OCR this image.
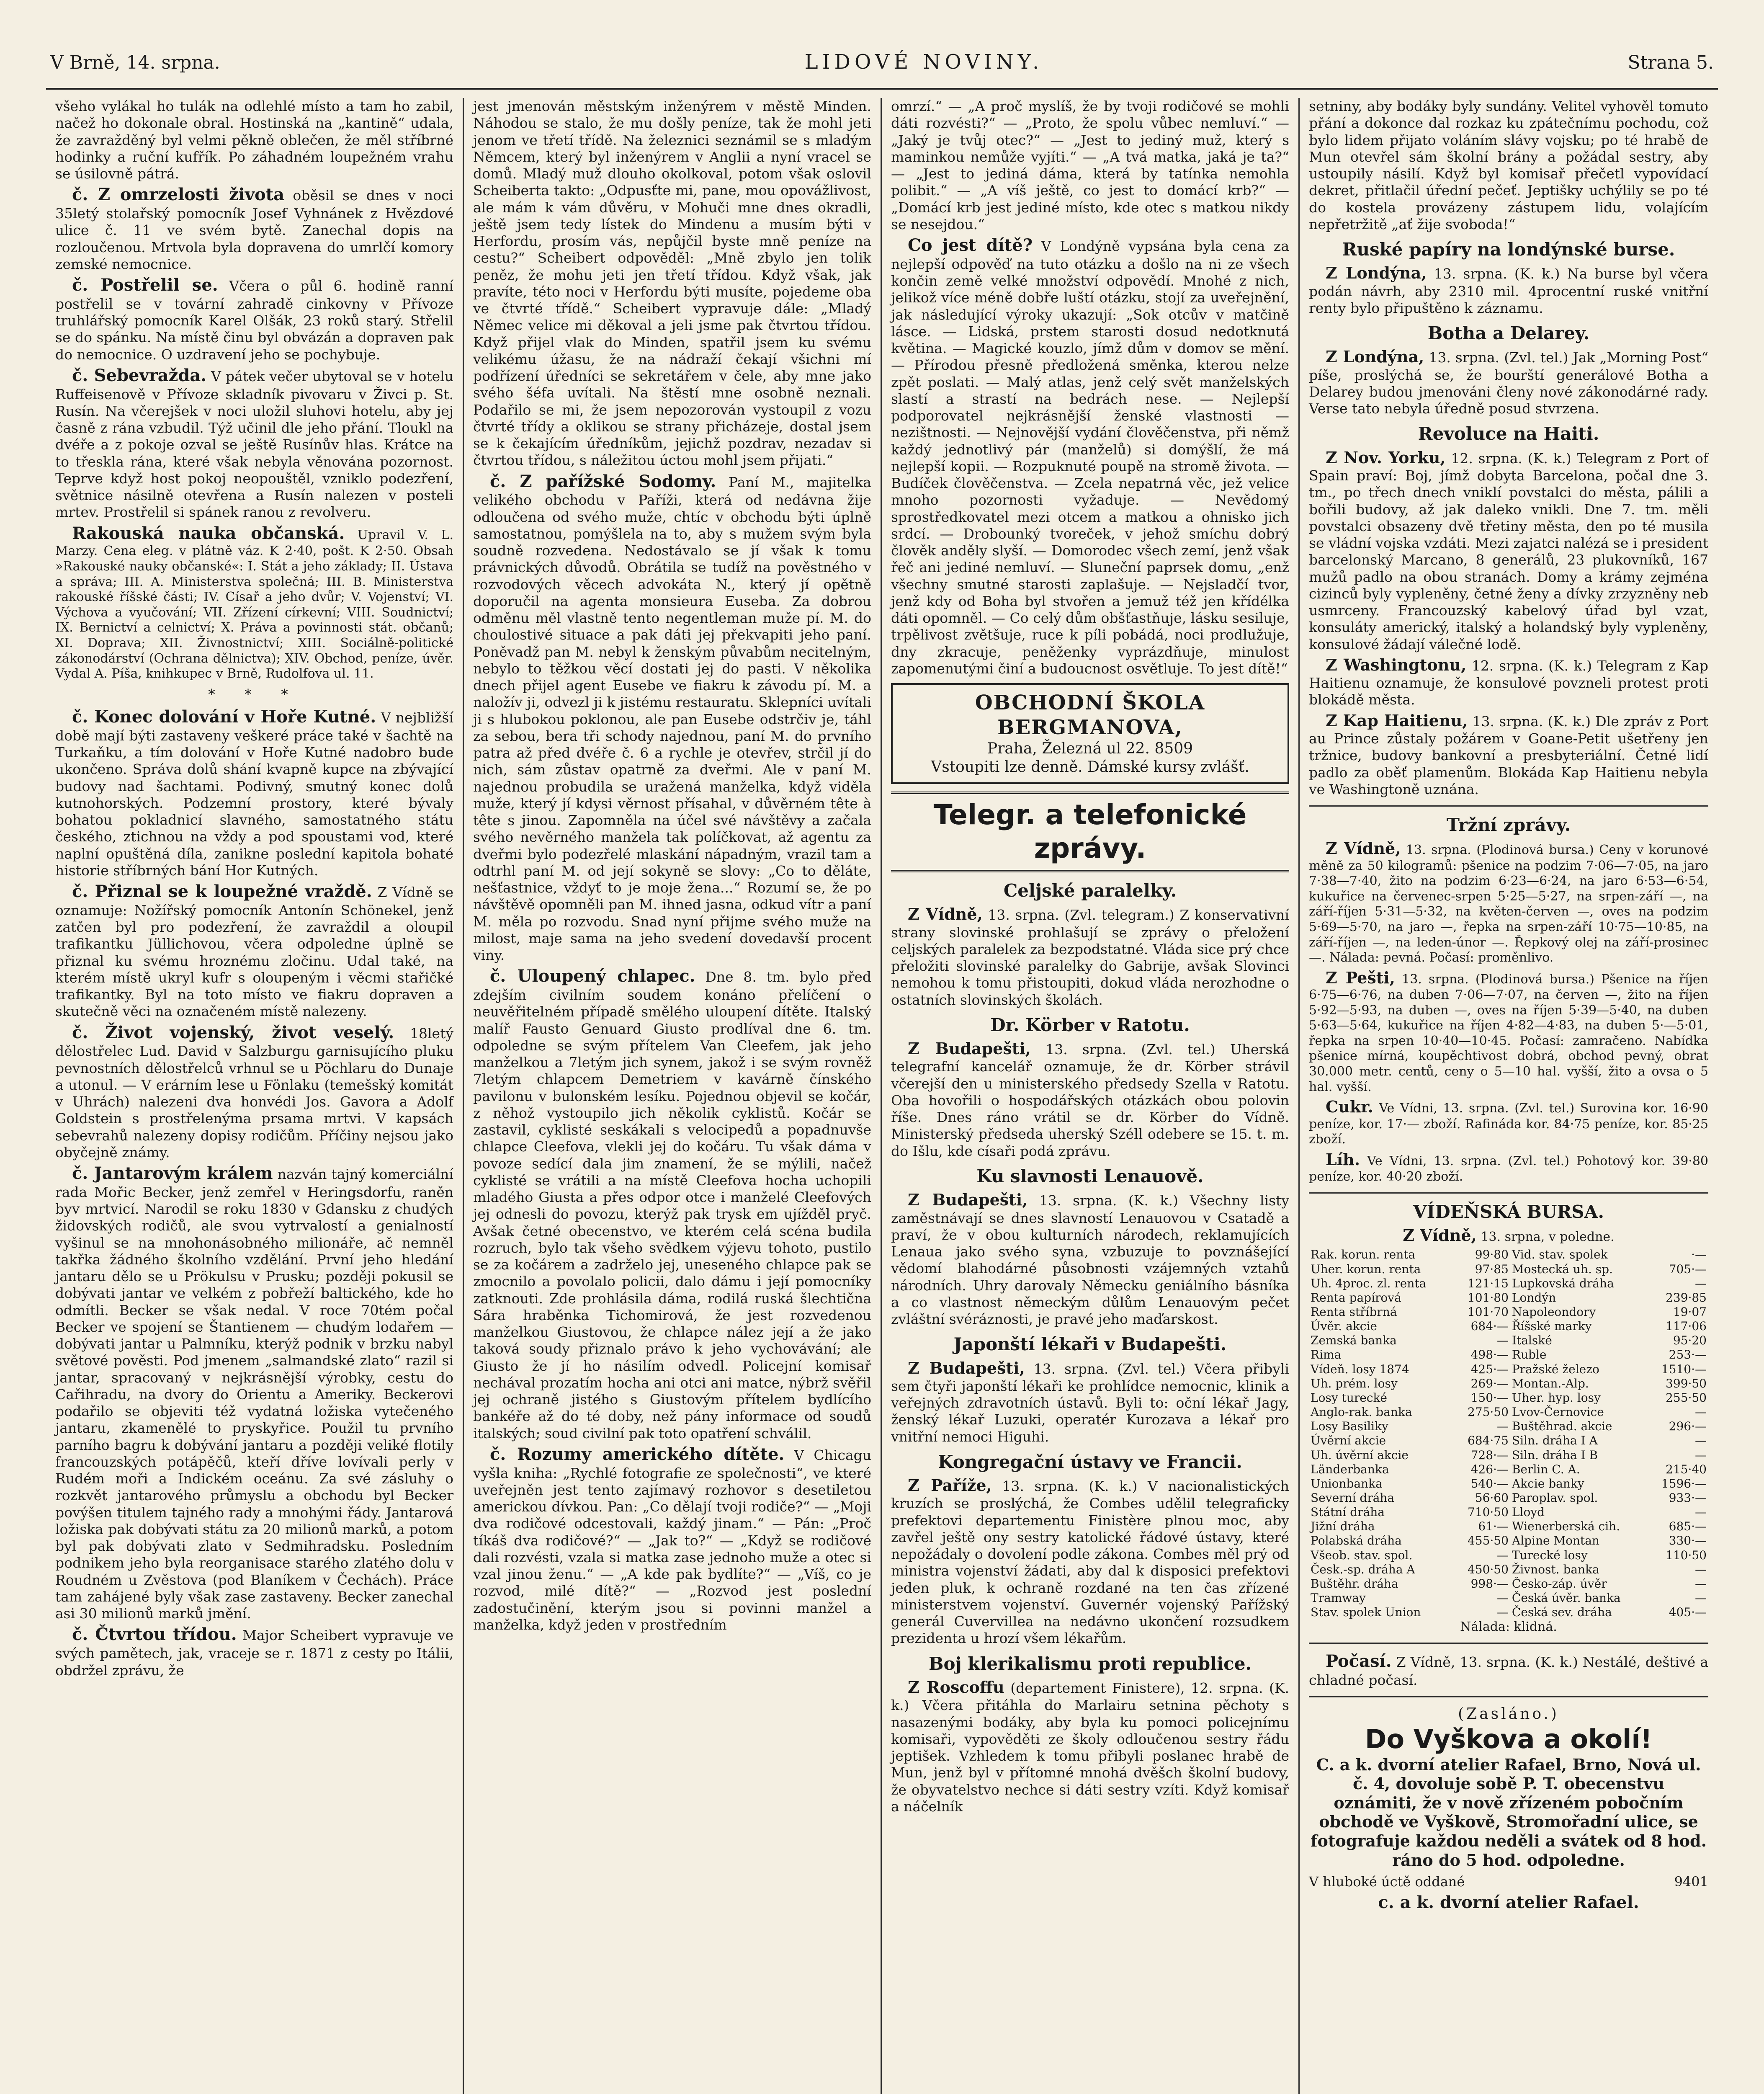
V Brně, 14. srpna.	LIDOVÉ NOVINY.	Strana 5.

všeho vylákal ho tulák na odlehlé místo a tam ho zabil, načež ho dokonale obral. Hostinská na „kantině“ udala, že zavražděný byl velmi pěkně oblečen, že měl stříbrné hodinky a ruční kufřík. Po záhadném loupežném vrahu se úsilovně pátrá.

č. Z omrzelosti života oběsil se dnes v noci 35letý stolařský pomocník Josef Vyhnánek z Hvězdové ulice č. 11 ve svém bytě. Zanechal dopis na rozloučenou. Mrtvola byla dopravena do umrlčí komory zemské nemocnice.

č. Postřelil se. Včera o půl 6. hodině ranní postřelil se v tovární zahradě cinkovny v Přívoze truhlářský pomocník Karel Olšák, 23 roků starý. Střelil se do spánku. Na místě činu byl obvázán a dopraven pak do nemocnice. O uzdravení jeho se pochybuje.

č. Sebevražda. V pátek večer ubytoval se v hotelu Ruffeisenově v Přívoze skladník pivovaru v Živci p. St. Rusín. Na včerejšek v noci uložil sluhovi hotelu, aby jej časně z rána vzbudil. Týž učinil dle jeho přání. Tloukl na dvéře a z pokoje ozval se ještě Rusínův hlas. Krátce na to třeskla rána, které však nebyla věnována pozornost. Teprve když host pokoj neopouštěl, vzniklo podezření, světnice násilně otevřena a Rusín nalezen v posteli mrtev. Prostřelil si spánek ranou z revolveru.

Rakouská nauka občanská. Upravil V. L. Marzy. Cena eleg. v plátně váz. K 2·40, pošt. K 2·50. Obsah »Rakouské nauky občanské«: I. Stát a jeho základy; II. Ústava a správa; III. A. Ministerstva společná; III. B. Ministerstva rakouské říšské části; IV. Císař a jeho dvůr; V. Vojenství; VI. Výchova a vyučování; VII. Zřízení církevní; VIII. Soudnictví; IX. Bernictví a celnictví; X. Práva a povinnosti stát. občanů; XI. Doprava; XII. Živnostnictví; XIII. Sociálně-politické zákonodárství (Ochrana dělnictva); XIV. Obchod, peníze, úvěr. Vydal A. Píša, knihkupec v Brně, Rudolfova ul. 11.

* * *

č. Konec dolování v Hoře Kutné. V nejbližší době mají býti zastaveny veškeré práce také v šachtě na Turkaňku, a tím dolování v Hoře Kutné nadobro bude ukončeno. Správa dolů shání kvapně kupce na zbývající budovy nad šachtami. Podivný, smutný konec dolů kutnohorských. Podzemní prostory, které bývaly bohatou pokladnicí slavného, samostatného státu českého, ztichnou na vždy a pod spoustami vod, které naplní opuštěná díla, zanikne poslední kapitola bohaté historie stříbrných bání Hor Kutných.

č. Přiznal se k loupežné vraždě. Z Vídně se oznamuje: Nožířský pomocník Antonín Schönekel, jenž zatčen byl pro podezření, že zavraždil a oloupil trafikantku Jüllichovou, včera odpoledne úplně se přiznal ku svému hroznému zločinu. Udal také, na kterém místě ukryl kufr s oloupeným i věcmi stařičké trafikantky. Byl na toto místo ve fiakru dopraven a skutečně věci na označeném místě nalezeny.

č. Život vojenský, život veselý. 18letý dělostřelec Lud. David v Salzburgu garnisujícího pluku pevnostních dělostřelců vrhnul se u Pöchlaru do Dunaje a utonul. — V erárním lese u Fönlaku (temešský komitát v Uhrách) nalezeni dva honvédi Jos. Gavora a Adolf Goldstein s prostřelenýma prsama mrtvi. V kapsách sebevrahů nalezeny dopisy rodičům. Příčiny nejsou jako obyčejně známy.

č. Jantarovým králem nazván tajný komerciální rada Mořic Becker, jenž zemřel v Heringsdorfu, raněn byv mrtvicí. Narodil se roku 1830 v Gdansku z chudých židovských rodičů, ale svou vytrvalostí a genialností vyšinul se na mnohonásobného milionáře, ač nemněl takřka žádného školního vzdělání. První jeho hledání jantaru dělo se u Prökulsu v Prusku; později pokusil se dobývati jantar ve velkém z pobřeží baltického, kde ho odmítli. Becker se však nedal. V roce 70tém počal Becker ve spojení se Štantienem — chudým lodařem — dobývati jantar u Palmníku, kterýž podnik v brzku nabyl světové pověsti. Pod jmenem „salmandské zlato“ razil si jantar, spracovaný v nejkrásnější výrobky, cestu do Cařihradu, na dvory do Orientu a Ameriky. Beckerovi podařilo se objeviti též vydatná ložiska vytečeného jantaru, zkamenělé to pryskyřice. Použil tu prvního parního bagru k dobývání jantaru a později veliké flotily francouzských potápěčů, kteří dříve lovívali perly v Rudém moři a Indickém oceánu. Za své zásluhy o rozkvět jantarového průmyslu a obchodu byl Becker povýšen titulem tajného rady a mnohými řády. Jantarová ložiska pak dobývati státu za 20 milionů marků, a potom byl pak dobývati zlato v Sedmihradsku. Posledním podnikem jeho byla reorganisace starého zlatého dolu v Roudném u Zvěstova (pod Blaníkem v Čechách). Práce tam zahájené byly však zase zastaveny. Becker zanechal asi 30 milionů marků jmění.

č. Čtvrtou třídou. Major Scheibert vypravuje ve svých pamětech, jak, vraceje se r. 1871 z cesty po Itálii, obdržel zprávu, že

jest jmenován městským inženýrem v městě Minden. Náhodou se stalo, že mu došly peníze, tak že mohl jeti jenom ve třetí třídě. Na železnici seznámil se s mladým Němcem, který byl inženýrem v Anglii a nyní vracel se domů. Mladý muž dlouho okolkoval, potom však oslovil Scheiberta takto: „Odpusťte mi, pane, mou opovážlivost, ale mám k vám důvěru, v Mohuči mne dnes okradli, ještě jsem tedy lístek do Mindenu a musím býti v Herfordu, prosím vás, nepůjčil byste mně peníze na cestu?“ Scheibert odpověděl: „Mně zbylo jen tolik peněz, že mohu jeti jen třetí třídou. Když však, jak pravíte, této noci v Herfordu býti musíte, pojedeme oba ve čtvrté třídě.“ Scheibert vypravuje dále: „Mladý Němec velice mi děkoval a jeli jsme pak čtvrtou třídou. Když přijel vlak do Minden, spatřil jsem ku svému velikému úžasu, že na nádraží čekají všichni mí podřízení úředníci se sekretářem v čele, aby mne jako svého šéfa uvítali. Na štěstí mne osobně neznali. Podařilo se mi, že jsem nepozorován vystoupil z vozu čtvrté třídy a oklikou se strany přicházeje, dostal jsem se k čekajícím úředníkům, jejichž pozdrav, nezadav si čtvrtou třídou, s náležitou úctou mohl jsem přijati.“

č. Z pařížské Sodomy. Paní M., majitelka velikého obchodu v Paříži, která od nedávna žije odloučena od svého muže, chtíc v obchodu býti úplně samostatnou, pomýšlela na to, aby s mužem svým byla soudně rozvedena. Nedostávalo se jí však k tomu právnických důvodů. Obrátila se tudíž na pověstného v rozvodových věcech advokáta N., který jí opětně doporučil na agenta monsieura Euseba. Za dobrou odměnu měl vlastně tento negentleman muže pí. M. do choulostivé situace a pak dáti jej překvapiti jeho paní. Poněvadž pan M. nebyl k ženským půvabům necitelným, nebylo to těžkou věcí dostati jej do pasti. V několika dnech přijel agent Eusebe ve fiakru k závodu pí. M. a naložív ji, odvezl ji k jistému restauratu. Sklepníci uvítali ji s hlubokou poklonou, ale pan Eusebe odstrčiv je, táhl za sebou, bera tři schody najednou, paní M. do prvního patra až před dvéře č. 6 a rychle je otevřev, strčil jí do nich, sám zůstav opatrně za dveřmi. Ale v paní M. najednou probudila se uražená manželka, když viděla muže, který jí kdysi věrnost přísahal, v důvěrném tête à tête s jinou. Zapomněla na účel své návštěvy a začala svého nevěrného manžela tak políčkovat, až agentu za dveřmi bylo podezřelé mlaskání nápadným, vrazil tam a odtrhl paní M. od její sokyně se slovy: „Co to děláte, nešťastnice, vždyť to je moje žena...“ Rozumí se, že po návštěvě opomněli pan M. ihned jasna, odkud vítr a paní M. měla po rozvodu. Snad nyní přijme svého muže na milost, maje sama na jeho svedení dovedavší procent viny.

č. Uloupený chlapec. Dne 8. tm. bylo před zdejším civilním soudem konáno přelíčení o neuvěřitelném případě smělého uloupení dítěte. Italský malíř Fausto Genuard Giusto prodlíval dne 6. tm. odpoledne se svým přítelem Van Cleefem, jak jeho manželkou a 7letým jich synem, jakož i se svým rovněž 7letým chlapcem Demetriem v kavárně čínského pavilonu v bulonském lesíku. Pojednou objevil se kočár, z něhož vystoupilo jich několik cyklistů. Kočár se zastavil, cyklisté seskákali s velocipedů a popadnuvše chlapce Cleefova, vlekli jej do kočáru. Tu však dáma v povoze sedící dala jim znamení, že se mýlili, načež cyklisté se vrátili a na místě Cleefova hocha uchopili mladého Giusta a přes odpor otce i manželé Cleefových jej odnesli do povozu, kterýž pak trysk em ujížděl pryč. Avšak četné obecenstvo, ve kterém celá scéna budila rozruch, bylo tak všeho svědkem výjevu tohoto, pustilo se za kočárem a zadrželo jej, uneseného chlapce pak se zmocnilo a povolalo policii, dalo dámu i její pomocníky zatknouti. Zde prohlásila dáma, rodilá ruská šlechtična Sára hraběnka Tichomirová, že jest rozvedenou manželkou Giustovou, že chlapce nález její a že jako taková soudy přiznalo právo k jeho vychovávání; ale Giusto že jí ho násilím odvedl. Policejní komisař nechával prozatím hocha ani otci ani matce, nýbrž svěřil jej ochraně jistého s Giustovým přítelem bydlícího bankéře až do té doby, než pány informace od soudů italských; soud civilní pak toto opatření schválil.

č. Rozumy amerického dítěte. V Chicagu vyšla kniha: „Rychlé fotografie ze společnosti“, ve které uveřejněn jest tento zajímavý rozhovor s desetiletou americkou dívkou. Pan: „Co dělají tvoji rodiče?“ — „Moji dva rodičové odcestovali, každý jinam.“ — Pán: „Proč tíkáš dva rodičové?“ — „Jak to?“ — „Když se rodičové dali rozvésti, vzala si matka zase jednoho muže a otec si vzal jinou ženu.“ — „A kde pak bydlíte?“ — „Víš, co je rozvod, milé dítě?“ — „Rozvod jest poslední zadostučinění, kterým jsou si povinni manžel a manželka, když jeden v prostředním

omrzí.“ — „A proč myslíš, že by tvoji rodičové se mohli dáti rozvésti?“ — „Proto, že spolu vůbec nemluví.“ — „Jaký je tvůj otec?“ — „Jest to jediný muž, který s maminkou nemůže vyjíti.“ — „A tvá matka, jaká je ta?“ — „Jest to jediná dáma, která by tatínka nemohla polibit.“ — „A víš ještě, co jest to domácí krb?“ — „Domácí krb jest jediné místo, kde otec s matkou nikdy se nesejdou.“

Co jest dítě? V Londýně vypsána byla cena za nejlepší odpověď na tuto otázku a došlo na ni ze všech končin země velké množství odpovědí. Mnohé z nich, jelikož více méně dobře luští otázku, stojí za uveřejnění, jak následující výroky ukazují: „Sok otcův v matčině lásce. — Lidská, prstem starosti dosud nedotknutá květina. — Magické kouzlo, jímž dům v domov se mění. — Přírodou přesně předložená směnka, kterou nelze zpět poslati. — Malý atlas, jenž celý svět manželských slastí a strastí na bedrách nese. — Nejlepší podporovatel nejkrásnější ženské vlastnosti — nezištnosti. — Nejnovější vydání člověčenstva, při němž každý jednotlivý pár (manželů) si domýšlí, že má nejlepší kopii. — Rozpuknuté poupě na stromě života. — Budíček člověčenstva. — Zcela nepatrná věc, jež velice mnoho pozornosti vyžaduje. — Nevědomý sprostředkovatel mezi otcem a matkou a ohnisko jich srdcí. — Drobounký tvoreček, v jehož smíchu dobrý člověk anděly slyší. — Domorodec všech zemí, jenž však řeč ani jediné nemluví. — Sluneční paprsek domu, „enž všechny smutné starosti zaplašuje. — Nejsladčí tvor, jenž kdy od Boha byl stvořen a jemuž též jen křídélka dáti opomněl. — Co celý dům obšťastňuje, lásku sesiluje, trpělivost zvětšuje, ruce k píli pobádá, noci prodlužuje, dny zkracuje, peněženky vyprázdňuje, minulost zapomenutými činí a budoucnost osvětluje. To jest dítě!“

OBCHODNÍ ŠKOLA BERGMANOVA,
Praha, Železná ul 22. 8509
Vstoupiti lze denně. Dámské kursy zvlášť.
Telegr. a telefonické zprávy.
Celjské paralelky.

Z Vídně, 13. srpna. (Zvl. telegram.) Z konservativní strany slovinské prohlašují se zprávy o přeložení celjských paralelek za bezpodstatné. Vláda sice prý chce přeložiti slovinské paralelky do Gabrije, avšak Slovinci nemohou k tomu přistoupiti, dokud vláda nerozhodne o ostatních slovinských školách.

Dr. Körber v Ratotu.

Z Budapešti, 13. srpna. (Zvl. tel.) Uherská telegrafní kancelář oznamuje, že dr. Körber strávil včerejší den u ministerského předsedy Szella v Ratotu. Oba hovořili o hospodářských otázkách obou polovin říše. Dnes ráno vrátil se dr. Körber do Vídně. Ministerský předseda uherský Széll odebere se 15. t. m. do Išlu, kde císaři podá zprávu.

Ku slavnosti Lenauově.

Z Budapešti, 13. srpna. (K. k.) Všechny listy zaměstnávají se dnes slavností Lenauovou v Csatadě a praví, že v obou kulturních národech, reklamujících Lenaua jako svého syna, vzbuzuje to povznášející vědomí blahodárné působnosti vzájemných vztahů národních. Uhry darovaly Německu geniálního básníka a co vlastnost německým důlům Lenauovým pečet zvláštní svéráznosti, je pravé jeho maďarskost.

Japonští lékaři v Budapešti.

Z Budapešti, 13. srpna. (Zvl. tel.) Včera přibyli sem čtyři japonští lékaři ke prohlídce nemocnic, klinik a veřejných zdravotních ústavů. Byli to: oční lékař Jagy, ženský lékař Luzuki, operatér Kurozava a lékař pro vnitřní nemoci Higuhi.

Kongregační ústavy ve Francii.

Z Paříže, 13. srpna. (K. k.) V nacionalistických kruzích se proslýchá, že Combes udělil telegraficky prefektovi departementu Finistère plnou moc, aby zavřel ještě ony sestry katolické řádové ústavy, které nepožádaly o dovolení podle zákona. Combes měl prý od ministra vojenství žádati, aby dal k disposici prefektovi jeden pluk, k ochraně rozdané na ten čas zřízené ministerstvem vojenství. Guvernér vojenský Pařížský generál Cuvervillea na nedávno ukončení rozsudkem prezidenta u hrozí všem lékařům.

Boj klerikalismu proti republice.

Z Roscoffu (departement Finistere), 12. srpna. (K. k.) Včera přitáhla do Marlairu setnina pěchoty s nasazenými bodáky, aby byla ku pomoci policejnímu komisaři, vypověděti ze školy odloučenou sestry řádu jeptišek. Vzhledem k tomu přibyli poslanec hrabě de Mun, jenž byl v přítomné mnohá dvěšch školní budovy, že obyvatelstvo nechce si dáti sestry vzíti. Když komisař a náčelník

setniny, aby bodáky byly sundány. Velitel vyhověl tomuto přání a dokonce dal rozkaz ku zpátečnímu pochodu, což bylo lidem přijato voláním slávy vojsku; po té hrabě de Mun otevřel sám školní brány a požádal sestry, aby ustoupily násilí. Když byl komisař přečetl vypovídací dekret, přitlačil úřední pečeť. Jeptišky uchýlily se po té do kostela provázeny zástupem lidu, volajícím nepřetržitě „ať žije svoboda!“

Ruské papíry na londýnské burse.

Z Londýna, 13. srpna. (K. k.) Na burse byl včera podán návrh, aby 2310 mil. 4procentní ruské vnitřní renty bylo připuštěno k záznamu.

Botha a Delarey.

Z Londýna, 13. srpna. (Zvl. tel.) Jak „Morning Post“ píše, proslýchá se, že bourští generálové Botha a Delarey budou jmenováni členy nové zákonodárné rady. Verse tato nebyla úředně posud stvrzena.

Revoluce na Haiti.

Z Nov. Yorku, 12. srpna. (K. k.) Telegram z Port of Spain praví: Boj, jímž dobyta Barcelona, počal dne 3. tm., po třech dnech vniklí povstalci do města, pálili a bořili budovy, až jak daleko vnikli. Dne 7. tm. měli povstalci obsazeny dvě třetiny města, den po té musila se vládní vojska vzdáti. Mezi zajatci nalézá se i president barcelonský Marcano, 8 generálů, 23 plukovníků, 167 mužů padlo na obou stranách. Domy a krámy zejména cizinců byly vypleněny, četné ženy a dívky zrzyzněny neb usmrceny. Francouzský kabelový úřad byl vzat, konsuláty americký, italský a holandský byly vypleněny, konsulové žádají válečné lodě.

Z Washingtonu, 12. srpna. (K. k.) Telegram z Kap Haitienu oznamuje, že konsulové povzneli protest proti blokádě města.

Z Kap Haitienu, 13. srpna. (K. k.) Dle zpráv z Port au Prince zůstaly požárem v Goane-Petit ušetřeny jen tržnice, budovy bankovní a presbyteriální. Četné lidí padlo za oběť plamenům. Blokáda Kap Haitienu nebyla ve Washingtoně uznána.

Tržní zprávy.

Z Vídně, 13. srpna. (Plodinová bursa.) Ceny v korunové měně za 50 kilogramů: pšenice na podzim 7·06—7·05, na jaro 7·38—7·40, žito na podzim 6·23—6·24, na jaro 6·53—6·54, kukuřice na červenec-srpen 5·25—5·27, na srpen-září —, na září-říjen 5·31—5·32, na květen-červen —, oves na podzim 5·69—5·70, na jaro —, řepka na srpen-září 10·75—10·85, na září-říjen —, na leden-únor —. Řepkový olej na září-prosinec —. Nálada: pevná. Počasí: proměnlivo.

Z Pešti, 13. srpna. (Plodinová bursa.) Pšenice na říjen 6·75—6·76, na duben 7·06—7·07, na červen —, žito na říjen 5·92—5·93, na duben —, oves na říjen 5·39—5·40, na duben 5·63—5·64, kukuřice na říjen 4·82—4·83, na duben 5·—5·01, řepka na srpen 10·40—10·45. Počasí: zamračeno. Nabídka pšenice mírná, koupěchtivost dobrá, obchod pevný, obrat 30.000 metr. centů, ceny o 5—10 hal. vyšší, žito a ovsa o 5 hal. vyšší.

Cukr. Ve Vídni, 13. srpna. (Zvl. tel.) Surovina kor. 16·90 peníze, kor. 17·— zboží. Rafináda kor. 84·75 peníze, kor. 85·25 zboží.

Líh. Ve Vídni, 13. srpna. (Zvl. tel.) Pohotový kor. 39·80 peníze, kor. 40·20 zboží.

VÍDEŇSKÁ BURSA.

Z Vídně, 13. srpna, v poledne.

Rak. korun. renta	99·80	Vid. stav. spolek	·—
Uher. korun. renta	97·85	Mostecká uh. sp.	705·—
Uh. 4proc. zl. renta	121·15	Lupkovská dráha	—
Renta papírová	101·80	Londýn	239·85
Renta stříbrná	101·70	Napoleondory	19·07
Úvěr. akcie	684·—	Říšské marky	117·06
Zemská banka	—	Italské	95·20
Rima	498·—	Ruble	253·—
Vídeň. losy 1874	425·—	Pražské železo	1510·—
Uh. prém. losy	269·—	Montan.-Alp.	399·50
Losy turecké	150·—	Uher. hyp. losy	255·50
Anglo-rak. banka	275·50	Lvov-Černovice	—
Losy Basiliky	—	Buštěhrad. akcie	296·—
Úvěrní akcie	684·75	Siln. dráha I A	—
Uh. úvěrní akcie	728·—	Siln. dráha I B	—
Länderbanka	426·—	Berlin C. A.	215·40
Unionbanka	540·—	Akcie banky	1596·—
Severní dráha	56·60	Paroplav. spol.	933·—
Státní dráha	710·50	Lloyd	—
Jižní dráha	61·—	Wienerberská cih.	685·—
Polabská dráha	455·50	Alpine Montan	330·—
Všeob. stav. spol.	—	Turecké losy	110·50
Česk.-sp. dráha A	450·50	Živnost. banka	—
Buštěhr. dráha	998·—	Česko-záp. úvěr	—
Tramway	—	Česká úvěr. banka	—
Stav. spolek Union	—	Česká sev. dráha	405·—

Nálada: klidná.

Počasí. Z Vídně, 13. srpna. (K. k.) Nestálé, deštivé a chladné počasí.

(Zasláno.)
Do Vyškova a okolí!
C. a k. dvorní atelier Rafael, Brno, Nová ul. č. 4, dovoluje sobě P. T. obecenstvu oznámiti, že v nově zřízeném pobočním obchodě ve Vyškově, Stromořadní ulice, se fotografuje každou neděli a svátek od 8 hod. ráno do 5 hod. odpoledne.
V hluboké úctě oddané	9401
c. a k. dvorní atelier Rafael.
